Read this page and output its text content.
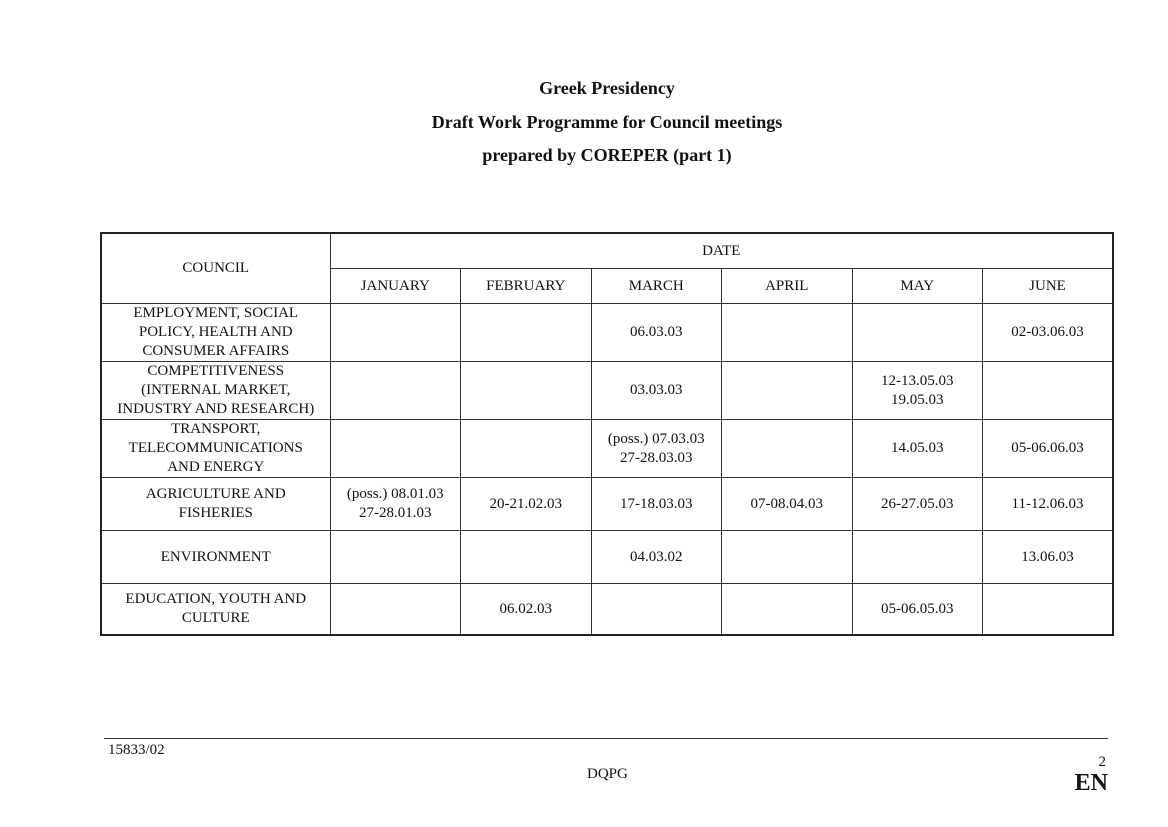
Greek Presidency
Draft Work Programme for Council meetings
prepared by COREPER (part 1)
COUNCIL	DATE					
	JANUARY	FEBRUARY	MARCH	APRIL	MAY	JUNE

EMPLOYMENT, SOCIAL
POLICY, HEALTH AND
CONSUMER AFFAIRS			06.03.03			02-03.06.03

COMPETITIVENESS
(INTERNAL MARKET,
INDUSTRY AND RESEARCH)			03.03.03		12-13.05.03
19.05.03	

TRANSPORT,
TELECOMMUNICATIONS
AND ENERGY			(poss.) 07.03.03
27-28.03.03		14.05.03	05-06.06.03

AGRICULTURE AND
FISHERIES	(poss.) 08.01.03
27-28.01.03	20-21.02.03	17-18.03.03	07-08.04.03	26-27.05.03	11-12.06.03

ENVIRONMENT			04.03.02			13.06.03

EDUCATION, YOUTH AND
CULTURE		06.02.03			05-06.05.03	

15833/02
DQPG
2
EN
